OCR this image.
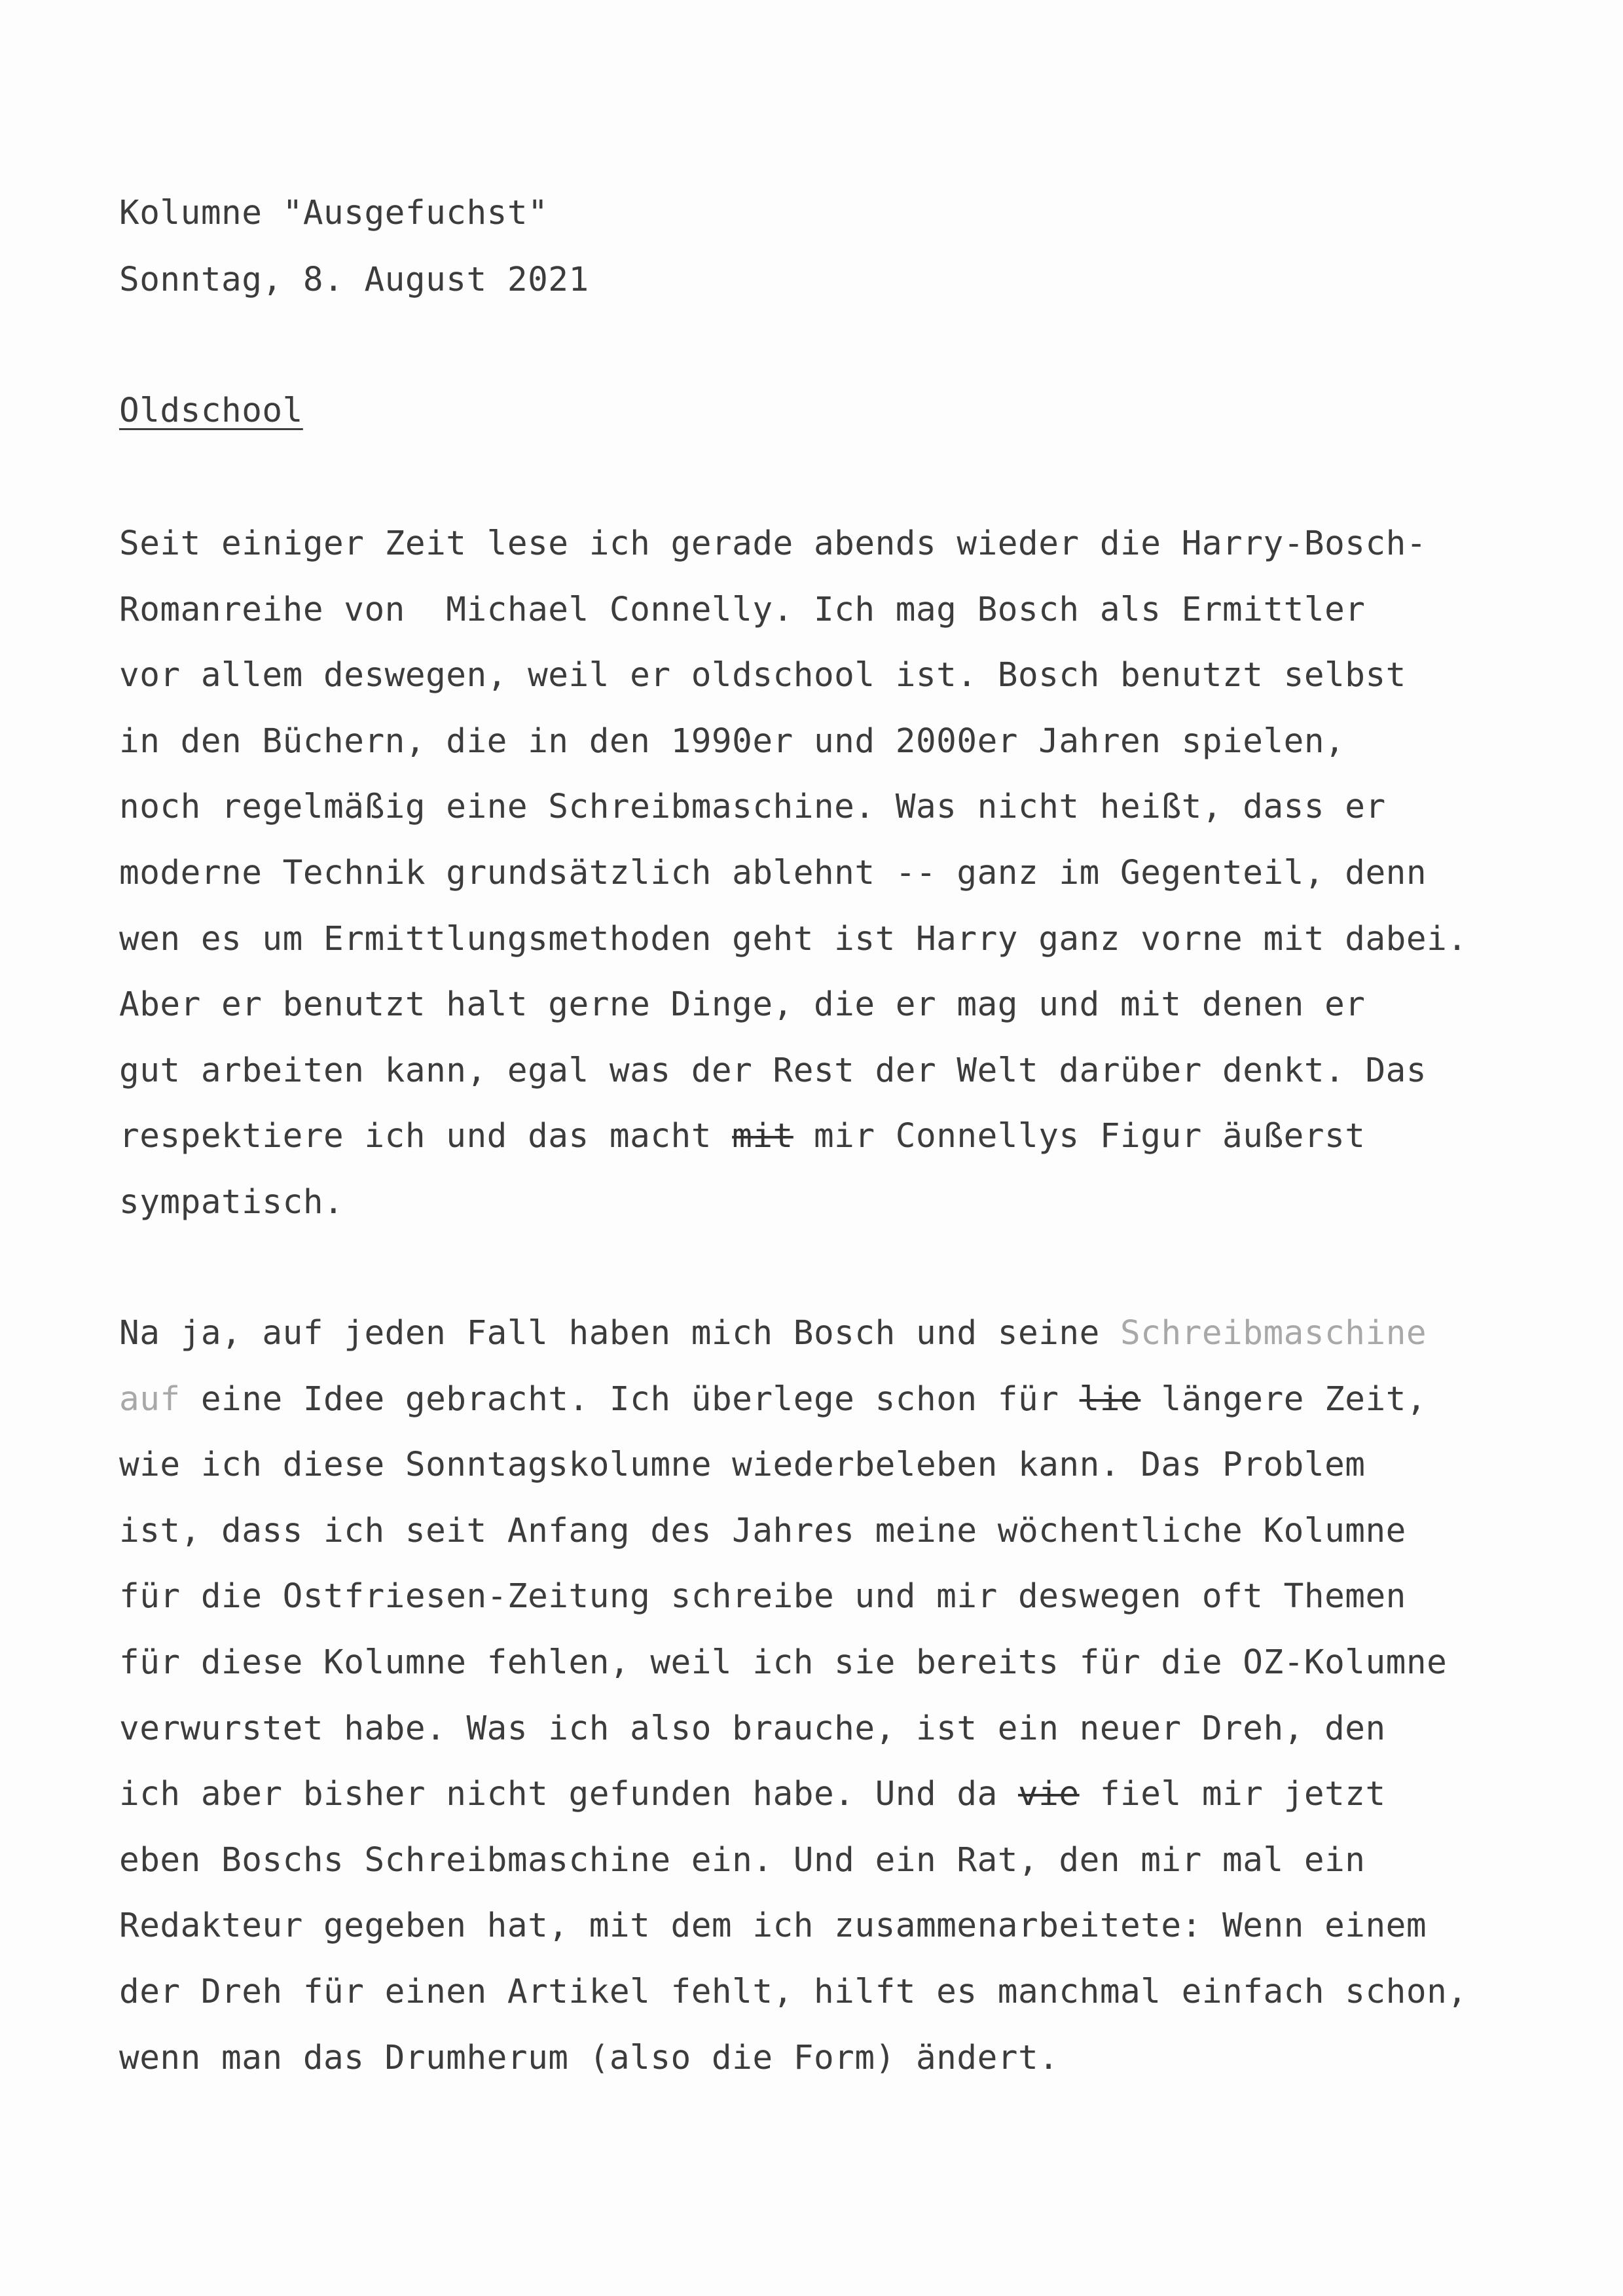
Kolumne "Ausgefuchst"
Sonntag, 8. August 2021
Oldschool
Seit einiger Zeit lese ich gerade abends wieder die Harry-Bosch-
Romanreihe von  Michael Connelly. Ich mag Bosch als Ermittler
vor allem deswegen, weil er oldschool ist. Bosch benutzt selbst
in den Büchern, die in den 1990er und 2000er Jahren spielen,
noch regelmäßig eine Schreibmaschine. Was nicht heißt, dass er
moderne Technik grundsätzlich ablehnt -- ganz im Gegenteil, denn
wen es um Ermittlungsmethoden geht ist Harry ganz vorne mit dabei.
Aber er benutzt halt gerne Dinge, die er mag und mit denen er
gut arbeiten kann, egal was der Rest der Welt darüber denkt. Das
respektiere ich und das macht mit mir Connellys Figur äußerst
sympatisch.
Na ja, auf jeden Fall haben mich Bosch und seine Schreibmaschine
auf eine Idee gebracht. Ich überlege schon für lie längere Zeit,
wie ich diese Sonntagskolumne wiederbeleben kann. Das Problem
ist, dass ich seit Anfang des Jahres meine wöchentliche Kolumne
für die Ostfriesen-Zeitung schreibe und mir deswegen oft Themen
für diese Kolumne fehlen, weil ich sie bereits für die OZ-Kolumne
verwurstet habe. Was ich also brauche, ist ein neuer Dreh, den
ich aber bisher nicht gefunden habe. Und da vie fiel mir jetzt
eben Boschs Schreibmaschine ein. Und ein Rat, den mir mal ein
Redakteur gegeben hat, mit dem ich zusammenarbeitete: Wenn einem
der Dreh für einen Artikel fehlt, hilft es manchmal einfach schon,
wenn man das Drumherum (also die Form) ändert.
